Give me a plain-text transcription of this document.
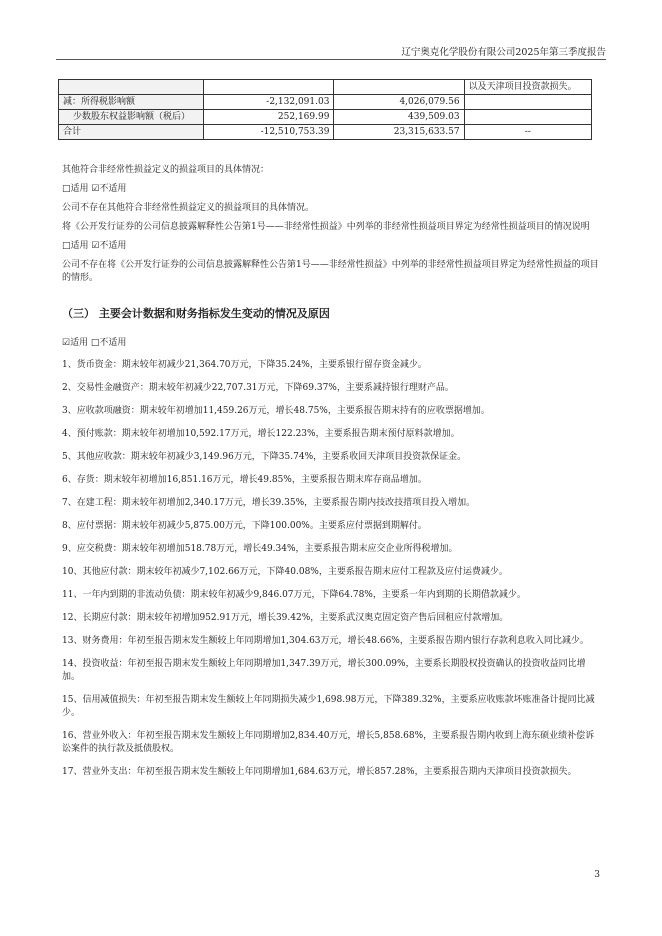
辽宁奥克化学股份有限公司2025年第三季度报告
			以及天津项目投资款损失。
减：所得税影响额	-2,132,091.03	4,026,079.56	
少数股东权益影响额（税后）	252,169.99	439,509.03	
合计	-12,510,753.39	23,315,633.57	--

其他符合非经常性损益定义的损益项目的具体情况：

□适用 ☑不适用

公司不存在其他符合非经常性损益定义的损益项目的具体情况。

将《公开发行证券的公司信息披露解释性公告第1号——非经常性损益》中列举的非经常性损益项目界定为经常性损益项目的情况说明

□适用 ☑不适用

公司不存在将《公开发行证券的公司信息披露解释性公告第1号——非经常性损益》中列举的非经常性损益项目界定为经常性损益的项目的情形。

（三） 主要会计数据和财务指标发生变动的情况及原因

☑适用 □不适用

1、货币资金：期末较年初减少21,364.70万元，下降35.24%，主要系银行留存资金减少。

2、交易性金融资产：期末较年初减少22,707.31万元，下降69.37%，主要系减持银行理财产品。

3、应收款项融资：期末较年初增加11,459.26万元，增长48.75%，主要系报告期末持有的应收票据增加。

4、预付账款：期末较年初增加10,592.17万元，增长122.23%，主要系报告期末预付原料款增加。

5、其他应收款：期末较年初减少3,149.96万元，下降35.74%，主要系收回天津项目投资款保证金。

6、存货：期末较年初增加16,851.16万元，增长49.85%，主要系报告期末库存商品增加。

7、在建工程：期末较年初增加2,340.17万元，增长39.35%，主要系报告期内技改技措项目投入增加。

8、应付票据：期末较年初减少5,875.00万元，下降100.00%。主要系应付票据到期解付。

9、应交税费：期末较年初增加518.78万元，增长49.34%，主要系报告期末应交企业所得税增加。

10、其他应付款：期末较年初减少7,102.66万元，下降40.08%，主要系报告期末应付工程款及应付运费减少。

11、一年内到期的非流动负债：期末较年初减少9,846.07万元，下降64.78%，主要系一年内到期的长期借款减少。

12、长期应付款：期末较年初增加952.91万元，增长39.42%，主要系武汉奥克固定资产售后回租应付款增加。

13、财务费用：年初至报告期末发生额较上年同期增加1,304.63万元，增长48.66%，主要系报告期内银行存款利息收入同比减少。

14、投资收益：年初至报告期末发生额较上年同期增加1,347.39万元，增长300.09%，主要系长期股权投资确认的投资收益同比增加。

15、信用减值损失：年初至报告期末发生额较上年同期损失减少1,698.98万元，下降389.32%，主要系应收账款坏账准备计提同比减少。

16、营业外收入：年初至报告期末发生额较上年同期增加2,834.40万元，增长5,858.68%，主要系报告期内收到上海东硕业绩补偿诉讼案件的执行款及抵债股权。

17、营业外支出：年初至报告期末发生额较上年同期增加1,684.63万元，增长857.28%，主要系报告期内天津项目投资款损失。

3
